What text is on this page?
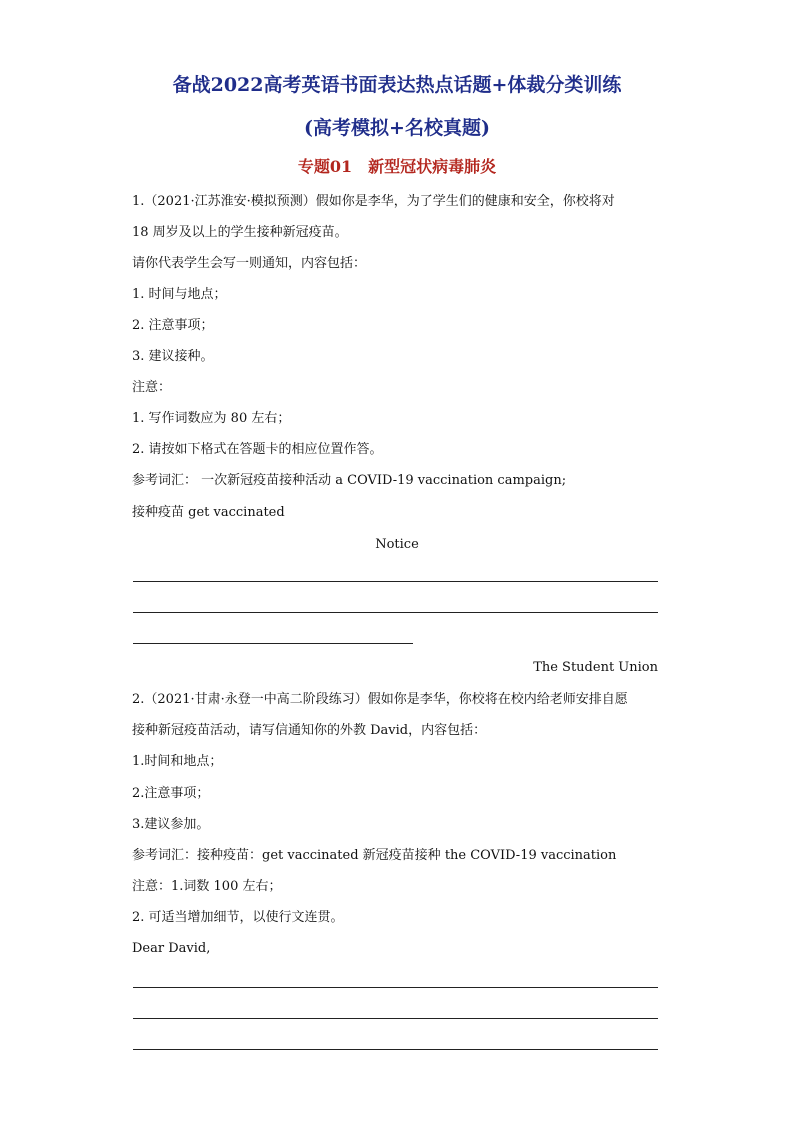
备战2022高考英语书面表达热点话题+体裁分类训练
(高考模拟+名校真题)
专题01　新型冠状病毒肺炎
1.（2021·江苏淮安·模拟预测）假如你是李华，为了学生们的健康和安全，你校将对
18 周岁及以上的学生接种新冠疫苗。
请你代表学生会写一则通知，内容包括：
1. 时间与地点；
2. 注意事项；
3. 建议接种。
注意：
1. 写作词数应为 80 左右；
2. 请按如下格式在答题卡的相应位置作答。
参考词汇： 一次新冠疫苗接种活动 a COVID-19 vaccination campaign;
接种疫苗 get vaccinated
Notice
The Student Union
2.（2021·甘肃·永登一中高二阶段练习）假如你是李华，你校将在校内给老师安排自愿
接种新冠疫苗活动，请写信通知你的外教 David，内容包括：
1.时间和地点；
2.注意事项；
3.建议参加。
参考词汇：接种疫苗：get vaccinated 新冠疫苗接种 the COVID-19 vaccination
注意：1.词数 100 左右；
2. 可适当增加细节，以使行文连贯。
Dear David,
